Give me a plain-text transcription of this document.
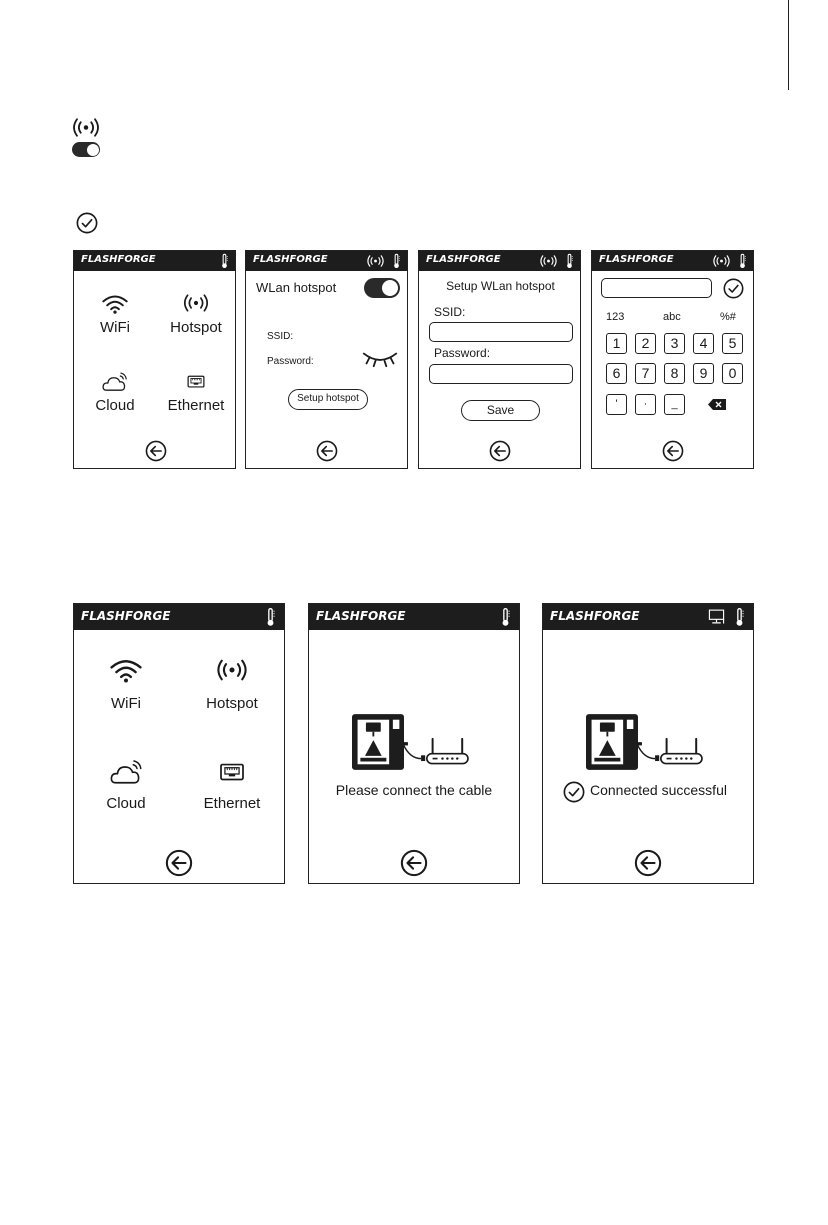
FLASHFORGE
WiFi	Hotspot
Cloud	Ethernet
FLASHFORGE
WLan hotspot
SSID:
Password:
Setup hotspot
FLASHFORGE
Setup WLan hotspot
SSID:
Password:
Save
FLASHFORGE
123	abc	%#
1	2	3	4	5
6	7	8	9	0
'	·	_
FLASHFORGE
WiFi	Hotspot
Cloud	Ethernet
FLASHFORGE
Please connect the cable
FLASHFORGE
Connected successful
